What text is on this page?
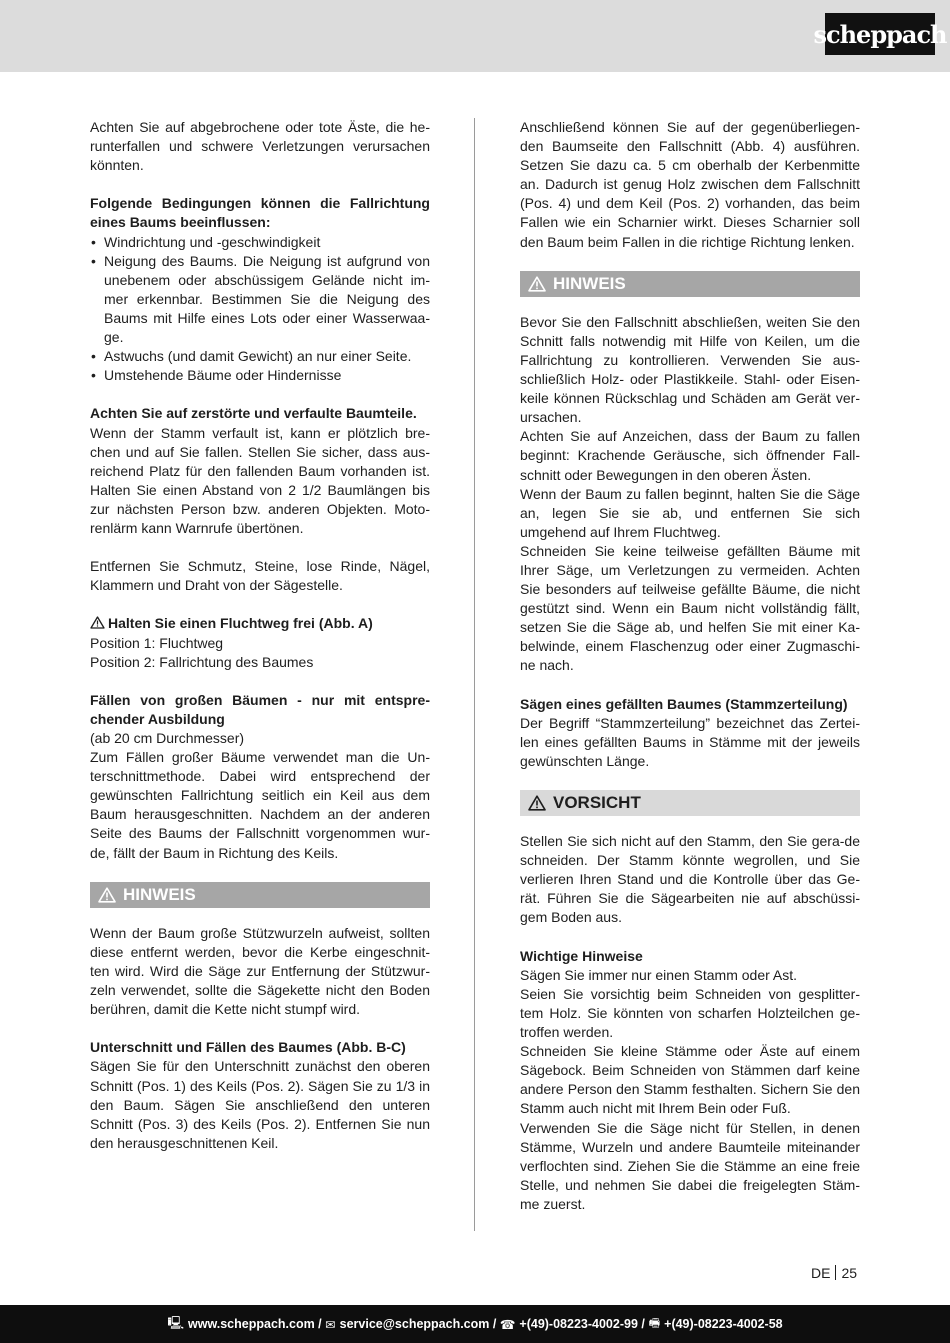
scheppach

Achten Sie auf abgebrochene oder tote Äste, die he-runterfallen und schwere Verletzungen verursachen könnten.

Folgende Bedingungen können die Fallrichtung eines Baums beeinflussen:

• Windrichtung und -geschwindigkeit
• Neigung des Baums. Die Neigung ist aufgrund von unebenem oder abschüssigem Gelände nicht im-mer erkennbar. Bestimmen Sie die Neigung des Baums mit Hilfe eines Lots oder einer Wasserwaa-ge.
• Astwuchs (und damit Gewicht) an nur einer Seite.
• Umstehende Bäume oder Hindernisse

Achten Sie auf zerstörte und verfaulte Baumteile.

Wenn der Stamm verfault ist, kann er plötzlich bre-chen und auf Sie fallen. Stellen Sie sicher, dass aus-reichend Platz für den fallenden Baum vorhanden ist. Halten Sie einen Abstand von 2 1/2 Baumlängen bis zur nächsten Person bzw. anderen Objekten. Moto-renlärm kann Warnrufe übertönen.

Entfernen Sie Schmutz, Steine, lose Rinde, Nägel, Klammern und Draht von der Sägestelle.

Halten Sie einen Fluchtweg frei (Abb. A)

Position 1: Fluchtweg

Position 2: Fallrichtung des Baumes

Fällen von großen Bäumen - nur mit entspre-chender Ausbildung

(ab 20 cm Durchmesser)

Zum Fällen großer Bäume verwendet man die Un-terschnittmethode. Dabei wird entsprechend der gewünschten Fallrichtung seitlich ein Keil aus dem Baum herausgeschnitten. Nachdem an der anderen Seite des Baums der Fallschnitt vorgenommen wur-de, fällt der Baum in Richtung des Keils.

HINWEIS

Wenn der Baum große Stützwurzeln aufweist, sollten diese entfernt werden, bevor die Kerbe eingeschnit-ten wird. Wird die Säge zur Entfernung der Stützwur-zeln verwendet, sollte die Sägekette nicht den Boden berühren, damit die Kette nicht stumpf wird.

Unterschnitt und Fällen des Baumes (Abb. B-C)

Sägen Sie für den Unterschnitt zunächst den oberen Schnitt (Pos. 1) des Keils (Pos. 2). Sägen Sie zu 1/3 in den Baum. Sägen Sie anschließend den unteren Schnitt (Pos. 3) des Keils (Pos. 2). Entfernen Sie nun den herausgeschnittenen Keil.

Anschließend können Sie auf der gegenüberliegen-den Baumseite den Fallschnitt (Abb. 4) ausführen. Setzen Sie dazu ca. 5 cm oberhalb der Kerbenmitte an. Dadurch ist genug Holz zwischen dem Fallschnitt (Pos. 4) und dem Keil (Pos. 2) vorhanden, das beim Fallen wie ein Scharnier wirkt. Dieses Scharnier soll den Baum beim Fallen in die richtige Richtung lenken.

HINWEIS

Bevor Sie den Fallschnitt abschließen, weiten Sie den Schnitt falls notwendig mit Hilfe von Keilen, um die Fallrichtung zu kontrollieren. Verwenden Sie aus-schließlich Holz- oder Plastikkeile. Stahl- oder Eisen-keile können Rückschlag und Schäden am Gerät ver-ursachen.

Achten Sie auf Anzeichen, dass der Baum zu fallen beginnt: Krachende Geräusche, sich öffnender Fall-schnitt oder Bewegungen in den oberen Ästen.

Wenn der Baum zu fallen beginnt, halten Sie die Säge an, legen Sie sie ab, und entfernen Sie sich umgehend auf Ihrem Fluchtweg.

Schneiden Sie keine teilweise gefällten Bäume mit Ihrer Säge, um Verletzungen zu vermeiden. Achten Sie besonders auf teilweise gefällte Bäume, die nicht gestützt sind. Wenn ein Baum nicht vollständig fällt, setzen Sie die Säge ab, und helfen Sie mit einer Ka-belwinde, einem Flaschenzug oder einer Zugmaschi-ne nach.

Sägen eines gefällten Baumes (Stammzerteilung)

Der Begriff “Stammzerteilung” bezeichnet das Zertei-len eines gefällten Baums in Stämme mit der jeweils gewünschten Länge.

VORSICHT

Stellen Sie sich nicht auf den Stamm, den Sie gera-de schneiden. Der Stamm könnte wegrollen, und Sie verlieren Ihren Stand und die Kontrolle über das Ge-rät. Führen Sie die Sägearbeiten nie auf abschüssi-gem Boden aus.

Wichtige Hinweise

Sägen Sie immer nur einen Stamm oder Ast.

Seien Sie vorsichtig beim Schneiden von gesplitter-tem Holz. Sie könnten von scharfen Holzteilchen ge-troffen werden.

Schneiden Sie kleine Stämme oder Äste auf einem Sägebock. Beim Schneiden von Stämmen darf keine andere Person den Stamm festhalten. Sichern Sie den Stamm auch nicht mit Ihrem Bein oder Fuß.

Verwenden Sie die Säge nicht für Stellen, in denen Stämme, Wurzeln und andere Baumteile miteinander verflochten sind. Ziehen Sie die Stämme an eine freie Stelle, und nehmen Sie dabei die freigelegten Stäm-me zuerst.

DE 25
🖳 www.scheppach.com /
✉ service@scheppach.com /
☎ +(49)-08223-4002-99 /
🖷 +(49)-08223-4002-58
